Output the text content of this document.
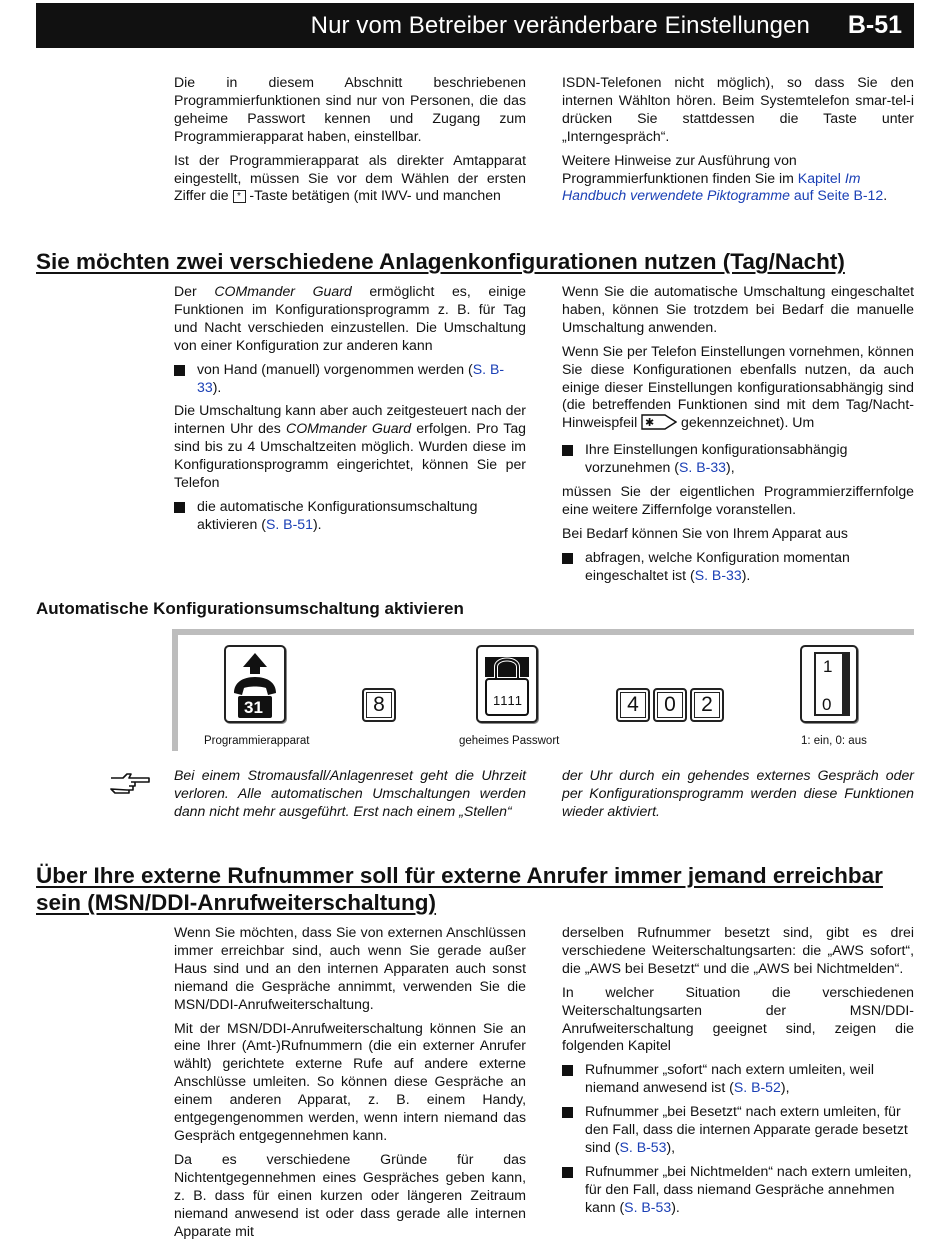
Nur vom Betreiber veränderbare Einstellungen B-51

Die in diesem Abschnitt beschriebenen Programmierfunktionen sind nur von Personen, die das geheime Passwort kennen und Zugang zum Programmierapparat haben, einstellbar.

Ist der Programmierapparat als direkter Amtapparat eingestellt, müssen Sie vor dem Wählen der ersten Ziffer die * -Taste betätigen (mit IWV- und manchen

ISDN-Telefonen nicht möglich), so dass Sie den internen Wählton hören. Beim Systemtelefon smar-tel-i drücken Sie stattdessen die Taste unter „Interngespräch“.

Weitere Hinweise zur Ausführung von Programmierfunktionen finden Sie im Kapitel Im Handbuch verwendete Piktogramme auf Seite B-12.

Sie möchten zwei verschiedene Anlagenkonfigurationen nutzen (Tag/Nacht)

Der COMmander Guard ermöglicht es, einige Funktionen im Konfigurationsprogramm z. B. für Tag und Nacht verschieden einzustellen. Die Umschaltung von einer Konfiguration zur anderen kann

von Hand (manuell) vorgenommen werden (S. B-33).

Die Umschaltung kann aber auch zeitgesteuert nach der internen Uhr des COMmander Guard erfolgen. Pro Tag sind bis zu 4 Umschaltzeiten möglich. Wurden diese im Konfigurationsprogramm eingerichtet, können Sie per Telefon

die automatische Konfigurationsumschaltung aktivieren (S. B-51).

Wenn Sie die automatische Umschaltung eingeschaltet haben, können Sie trotzdem bei Bedarf die manuelle Umschaltung anwenden.

Wenn Sie per Telefon Einstellungen vornehmen, können Sie diese Konfigurationen ebenfalls nutzen, da auch einige dieser Einstellungen konfigurationsabhängig sind (die betreffenden Funktionen sind mit dem Tag/Nacht-Hinweispfeil ✱ gekennzeichnet). Um

Ihre Einstellungen konfigurationsabhängig vorzunehmen (S. B-33),

müssen Sie der eigentlichen Programmierziffernfolge eine weitere Ziffernfolge voranstellen.

Bei Bedarf können Sie von Ihrem Apparat aus

abfragen, welche Konfiguration momentan eingeschaltet ist (S. B-33).
Automatische Konfigurationsumschaltung aktivieren
31
Programmierapparat
8	1111
geheimes Passwort
4	0	2
1
0
1: ein, 0: aus
Bei einem Stromausfall/Anlagenreset geht die Uhrzeit verloren. Alle automatischen Umschaltungen werden dann nicht mehr ausgeführt. Erst nach einem „Stellen“
der Uhr durch ein gehendes externes Gespräch oder per Konfigurationsprogramm werden diese Funktionen wieder aktiviert.
Über Ihre externe Rufnummer soll für externe Anrufer immer jemand erreichbar
sein (MSN/DDI-Anrufweiterschaltung)

Wenn Sie möchten, dass Sie von externen Anschlüssen immer erreichbar sind, auch wenn Sie gerade außer Haus sind und an den internen Apparaten auch sonst niemand die Gespräche annimmt, verwenden Sie die MSN/DDI-Anrufweiterschaltung.

Mit der MSN/DDI-Anrufweiterschaltung können Sie an eine Ihrer (Amt-)Rufnummern (die ein externer Anrufer wählt) gerichtete externe Rufe auf andere externe Anschlüsse umleiten. So können diese Gespräche an einem anderen Apparat, z. B. einem Handy, entgegengenommen werden, wenn intern niemand das Gespräch entgegennehmen kann.

Da es verschiedene Gründe für das Nichtentgegennehmen eines Gespräches geben kann, z. B. dass für einen kurzen oder längeren Zeitraum niemand anwesend ist oder dass gerade alle internen Apparate mit

derselben Rufnummer besetzt sind, gibt es drei verschiedene Weiterschaltungsarten: die „AWS sofort“, die „AWS bei Besetzt“ und die „AWS bei Nichtmelden“.

In welcher Situation die verschiedenen Weiterschaltungsarten der MSN/DDI-Anrufweiterschaltung geeignet sind, zeigen die folgenden Kapitel

Rufnummer „sofort“ nach extern umleiten, weil niemand anwesend ist (S. B-52),
Rufnummer „bei Besetzt“ nach extern umleiten, für den Fall, dass die internen Apparate gerade besetzt sind (S. B-53),
Rufnummer „bei Nichtmelden“ nach extern umleiten, für den Fall, dass niemand Gespräche annehmen kann (S. B-53).
